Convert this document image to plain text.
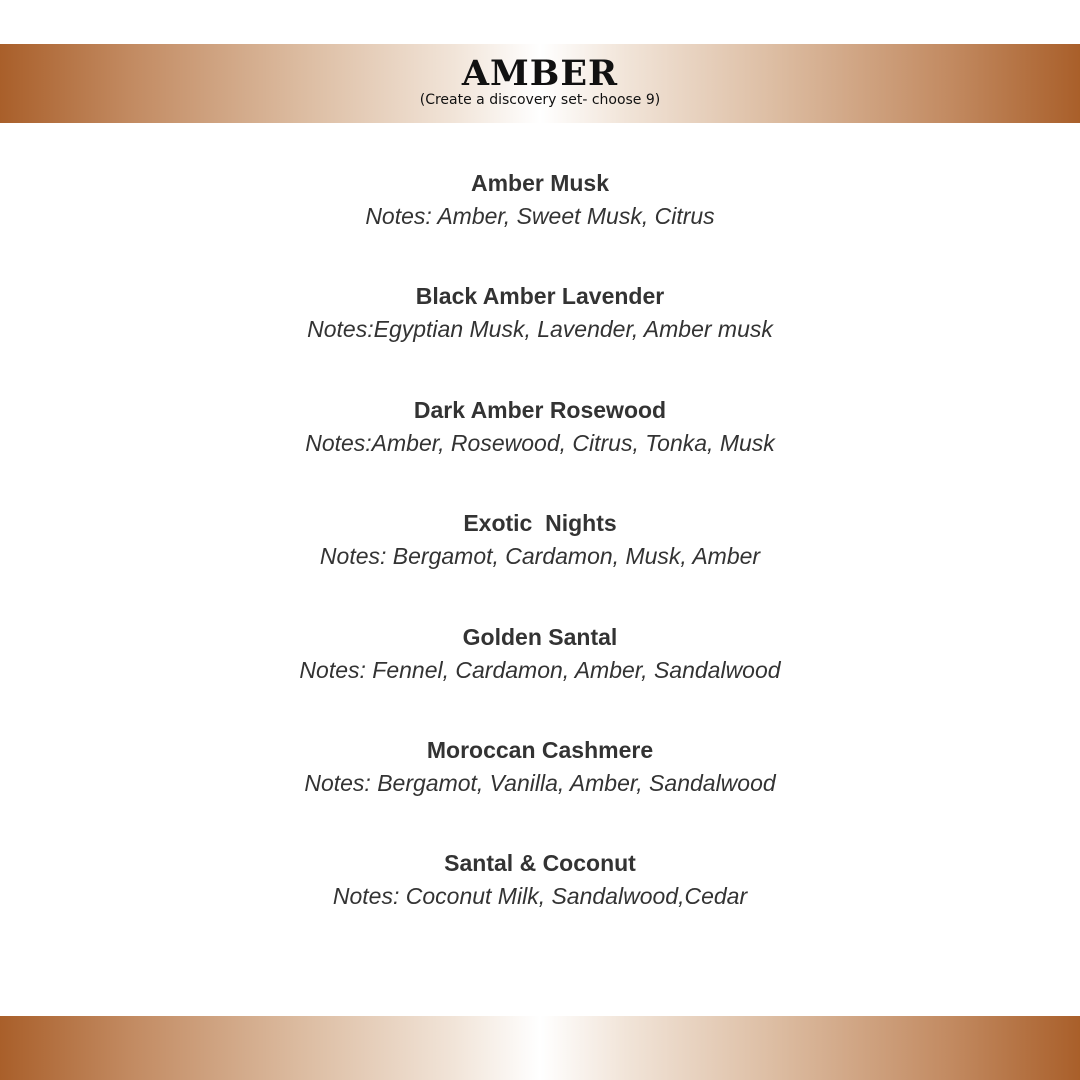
AMBER
(Create a discovery set- choose 9)
Amber Musk
Notes: Amber, Sweet Musk, Citrus
Black Amber Lavender
Notes:Egyptian Musk, Lavender, Amber musk
Dark Amber Rosewood
Notes:Amber, Rosewood, Citrus, Tonka, Musk
Exotic  Nights
Notes: Bergamot, Cardamon, Musk, Amber
Golden Santal
Notes: Fennel, Cardamon, Amber, Sandalwood
Moroccan Cashmere
Notes: Bergamot, Vanilla, Amber, Sandalwood
Santal & Coconut
Notes: Coconut Milk, Sandalwood,Cedar
